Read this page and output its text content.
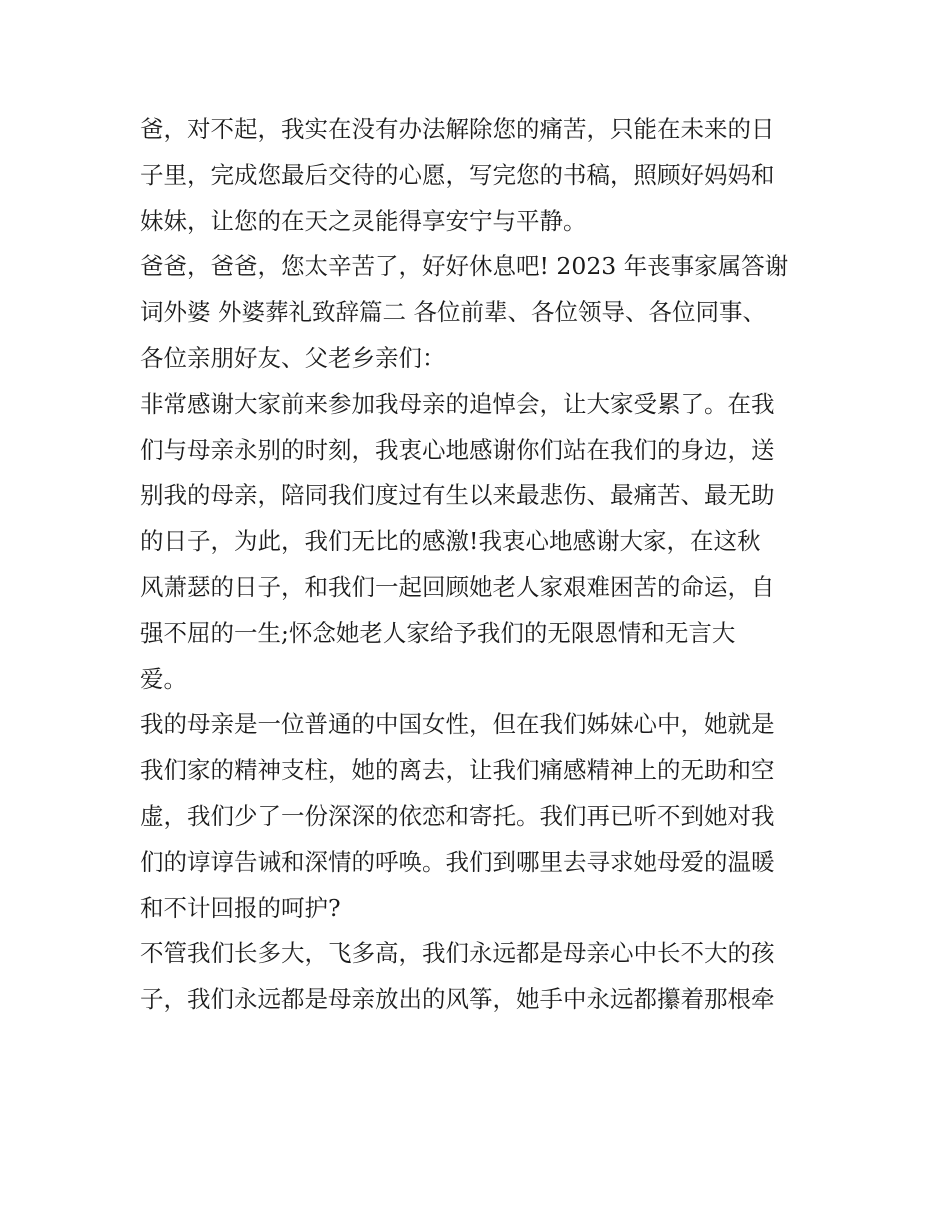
爸，对不起，我实在没有办法解除您的痛苦，只能在未来的日
子里，完成您最后交待的心愿，写完您的书稿，照顾好妈妈和
妹妹，让您的在天之灵能得享安宁与平静。

爸爸，爸爸，您太辛苦了，好好休息吧! 2023 年丧事家属答谢
词外婆 外婆葬礼致辞篇二 各位前辈、各位领导、各位同事、
各位亲朋好友、父老乡亲们：

非常感谢大家前来参加我母亲的追悼会，让大家受累了。在我
们与母亲永别的时刻，我衷心地感谢你们站在我们的身边，送
别我的母亲，陪同我们度过有生以来最悲伤、最痛苦、最无助
的日子，为此，我们无比的感激!我衷心地感谢大家，在这秋
风萧瑟的日子，和我们一起回顾她老人家艰难困苦的命运，自
强不屈的一生;怀念她老人家给予我们的无限恩情和无言大
爱。

我的母亲是一位普通的中国女性，但在我们姊妹心中，她就是
我们家的精神支柱，她的离去，让我们痛感精神上的无助和空
虚，我们少了一份深深的依恋和寄托。我们再已听不到她对我
们的谆谆告诫和深情的呼唤。我们到哪里去寻求她母爱的温暖
和不计回报的呵护?

不管我们长多大，飞多高，我们永远都是母亲心中长不大的孩
子，我们永远都是母亲放出的风筝，她手中永远都攥着那根牵
